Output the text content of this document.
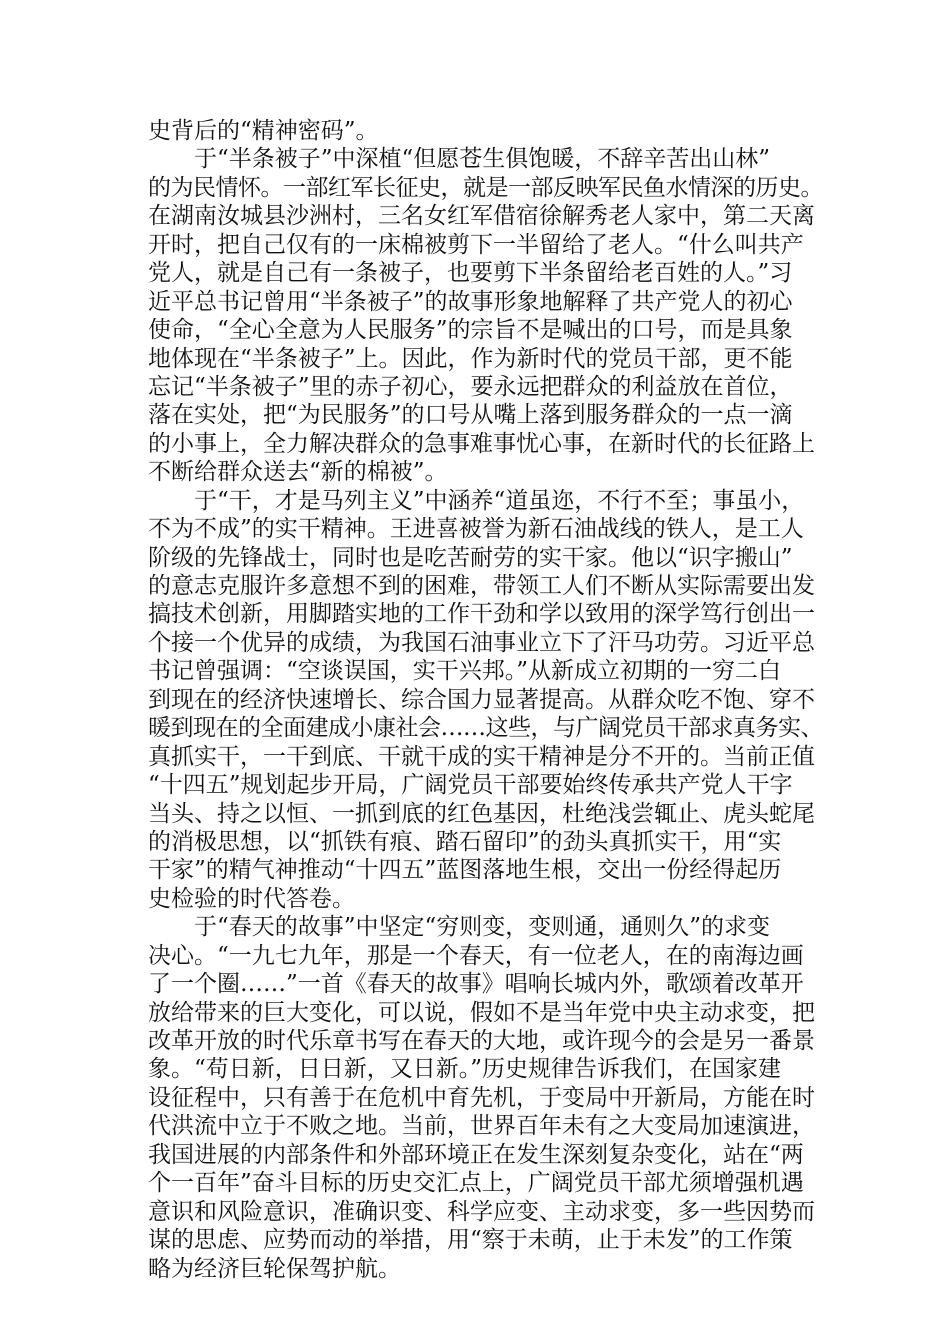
史背后的“精神密码”。
　　于“半条被子”中深植“但愿苍生俱饱暖，不辞辛苦出山林”
的为民情怀。一部红军长征史，就是一部反映军民鱼水情深的历史。
在湖南汝城县沙洲村，三名女红军借宿徐解秀老人家中，第二天离
开时，把自己仅有的一床棉被剪下一半留给了老人。“什么叫共产
党人，就是自己有一条被子，也要剪下半条留给老百姓的人。”习
近平总书记曾用“半条被子”的故事形象地解释了共产党人的初心
使命，“全心全意为人民服务”的宗旨不是喊出的口号，而是具象
地体现在“半条被子”上。因此，作为新时代的党员干部，更不能
忘记“半条被子”里的赤子初心，要永远把群众的利益放在首位，
落在实处，把“为民服务”的口号从嘴上落到服务群众的一点一滴
的小事上，全力解决群众的急事难事忧心事，在新时代的长征路上
不断给群众送去“新的棉被”。
　　于“干，才是马列主义”中涵养“道虽迩，不行不至；事虽小，
不为不成”的实干精神。王进喜被誉为新石油战线的铁人，是工人
阶级的先锋战士，同时也是吃苦耐劳的实干家。他以“识字搬山”
的意志克服许多意想不到的困难，带领工人们不断从实际需要出发
搞技术创新，用脚踏实地的工作干劲和学以致用的深学笃行创出一
个接一个优异的成绩，为我国石油事业立下了汗马功劳。习近平总
书记曾强调：“空谈误国，实干兴邦。”从新成立初期的一穷二白
到现在的经济快速增长、综合国力显著提高。从群众吃不饱、穿不
暖到现在的全面建成小康社会……这些，与广阔党员干部求真务实、
真抓实干，一干到底、干就干成的实干精神是分不开的。当前正值
“十四五”规划起步开局，广阔党员干部要始终传承共产党人干字
当头、持之以恒、一抓到底的红色基因，杜绝浅尝辄止、虎头蛇尾
的消极思想，以“抓铁有痕、踏石留印”的劲头真抓实干，用“实
干家”的精气神推动“十四五”蓝图落地生根，交出一份经得起历
史检验的时代答卷。
　　于“春天的故事”中坚定“穷则变，变则通，通则久”的求变
决心。“一九七九年，那是一个春天，有一位老人，在的南海边画
了一个圈……”一首《春天的故事》唱响长城内外，歌颂着改革开
放给带来的巨大变化，可以说，假如不是当年党中央主动求变，把
改革开放的时代乐章书写在春天的大地，或许现今的会是另一番景
象。“苟日新，日日新，又日新。”历史规律告诉我们，在国家建
设征程中，只有善于在危机中育先机，于变局中开新局，方能在时
代洪流中立于不败之地。当前，世界百年未有之大变局加速演进，
我国进展的内部条件和外部环境正在发生深刻复杂变化，站在“两
个一百年”奋斗目标的历史交汇点上，广阔党员干部尤须增强机遇
意识和风险意识，准确识变、科学应变、主动求变，多一些因势而
谋的思虑、应势而动的举措，用“察于未萌，止于未发”的工作策
略为经济巨轮保驾护航。
